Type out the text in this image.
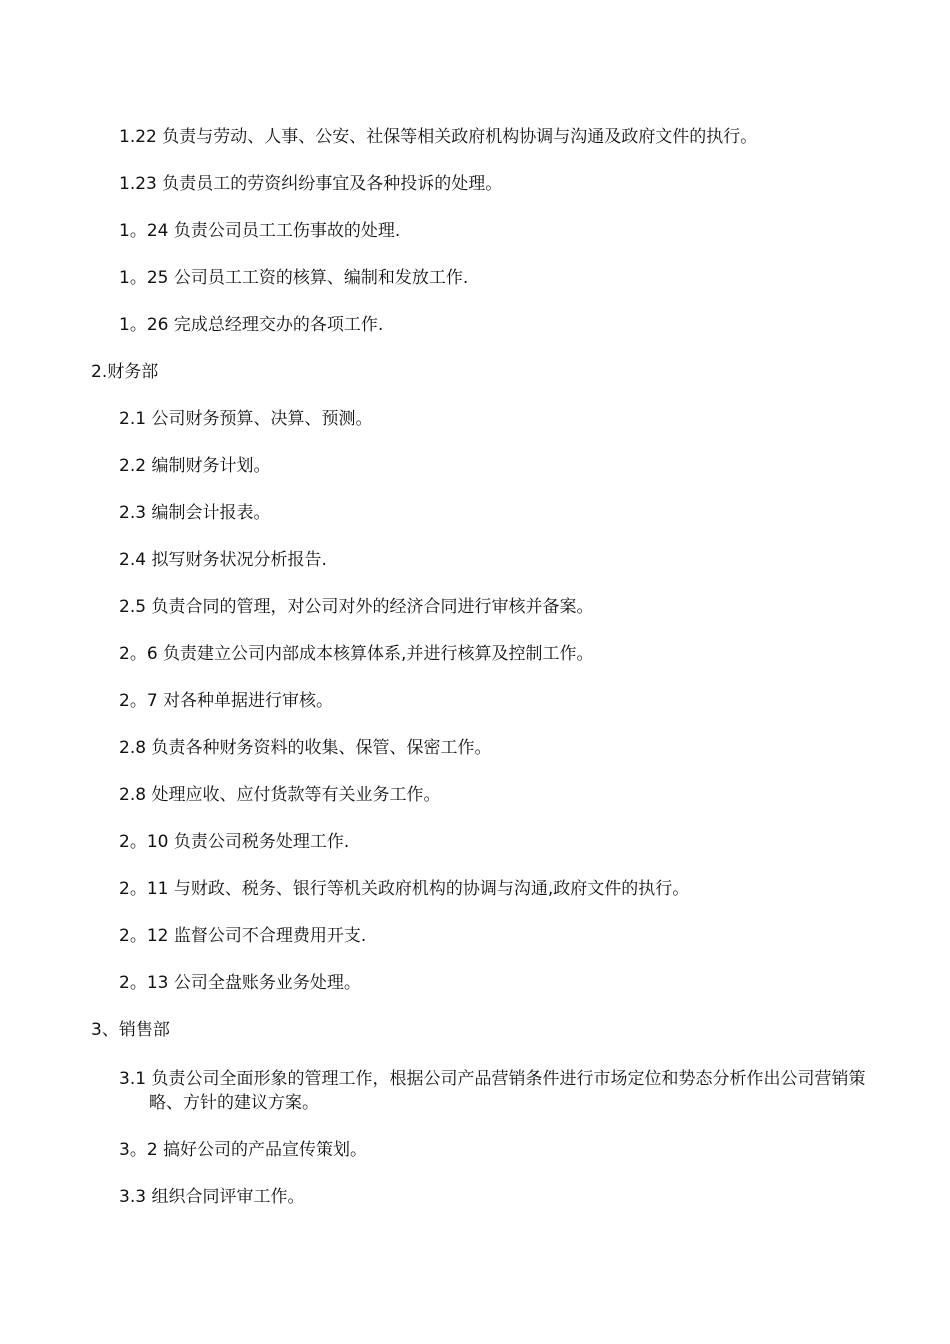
1.22 负责与劳动、人事、公安、社保等相关政府机构协调与沟通及政府文件的执行。
1.23 负责员工的劳资纠纷事宜及各种投诉的处理。
1。24 负责公司员工工伤事故的处理.
1。25 公司员工工资的核算、编制和发放工作.
1。26 完成总经理交办的各项工作.
2.财务部
2.1 公司财务预算、决算、预测。
2.2 编制财务计划。
2.3 编制会计报表。
2.4 拟写财务状况分析报告.
2.5 负责合同的管理，对公司对外的经济合同进行审核并备案。
2。6 负责建立公司内部成本核算体系,并进行核算及控制工作。
2。7 对各种单据进行审核。
2.8 负责各种财务资料的收集、保管、保密工作。
2.8 处理应收、应付货款等有关业务工作。
2。10 负责公司税务处理工作.
2。11 与财政、税务、银行等机关政府机构的协调与沟通,政府文件的执行。
2。12 监督公司不合理费用开支.
2。13 公司全盘账务业务处理。
3、销售部
3.1 负责公司全面形象的管理工作，根据公司产品营销条件进行市场定位和势态分析作出公司营销策略、方针的建议方案。
3。2 搞好公司的产品宣传策划。
3.3 组织合同评审工作。
